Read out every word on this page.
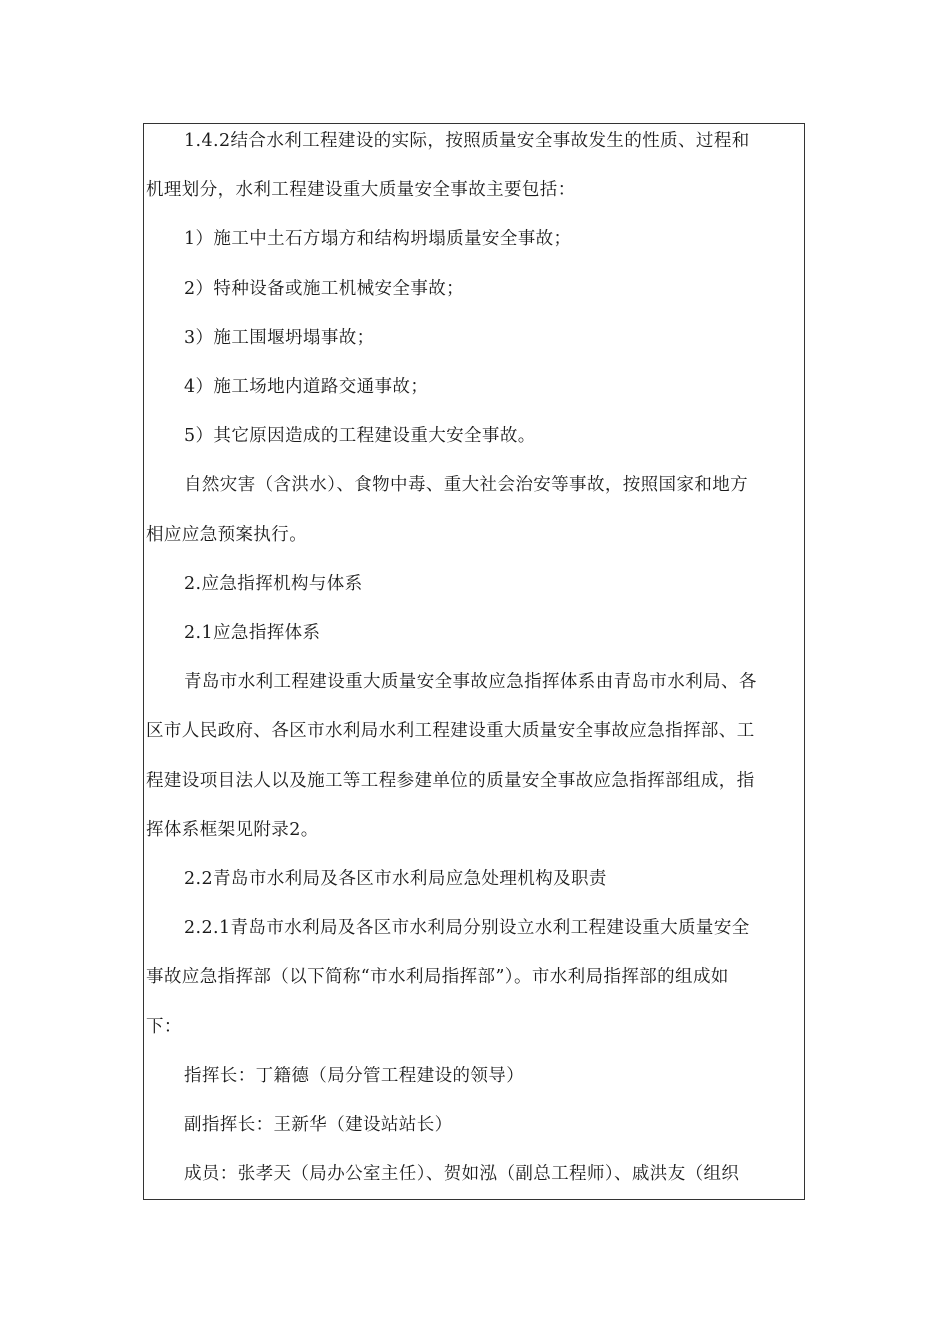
1.4.2结合水利工程建设的实际，按照质量安全事故发生的性质、过程和

机理划分，水利工程建设重大质量安全事故主要包括：

1）施工中土石方塌方和结构坍塌质量安全事故；

2）特种设备或施工机械安全事故；

3）施工围堰坍塌事故；

4）施工场地内道路交通事故；

5）其它原因造成的工程建设重大安全事故。

自然灾害（含洪水）、食物中毒、重大社会治安等事故，按照国家和地方

相应应急预案执行。

2.应急指挥机构与体系

2.1应急指挥体系

青岛市水利工程建设重大质量安全事故应急指挥体系由青岛市水利局、各

区市人民政府、各区市水利局水利工程建设重大质量安全事故应急指挥部、工

程建设项目法人以及施工等工程参建单位的质量安全事故应急指挥部组成，指

挥体系框架见附录2。

2.2青岛市水利局及各区市水利局应急处理机构及职责

2.2.1青岛市水利局及各区市水利局分别设立水利工程建设重大质量安全

事故应急指挥部（以下简称“市水利局指挥部”）。市水利局指挥部的组成如

下：

指挥长：丁籍德（局分管工程建设的领导）

副指挥长：王新华（建设站站长）

成员：张孝天（局办公室主任）、贺如泓（副总工程师）、戚洪友（组织
